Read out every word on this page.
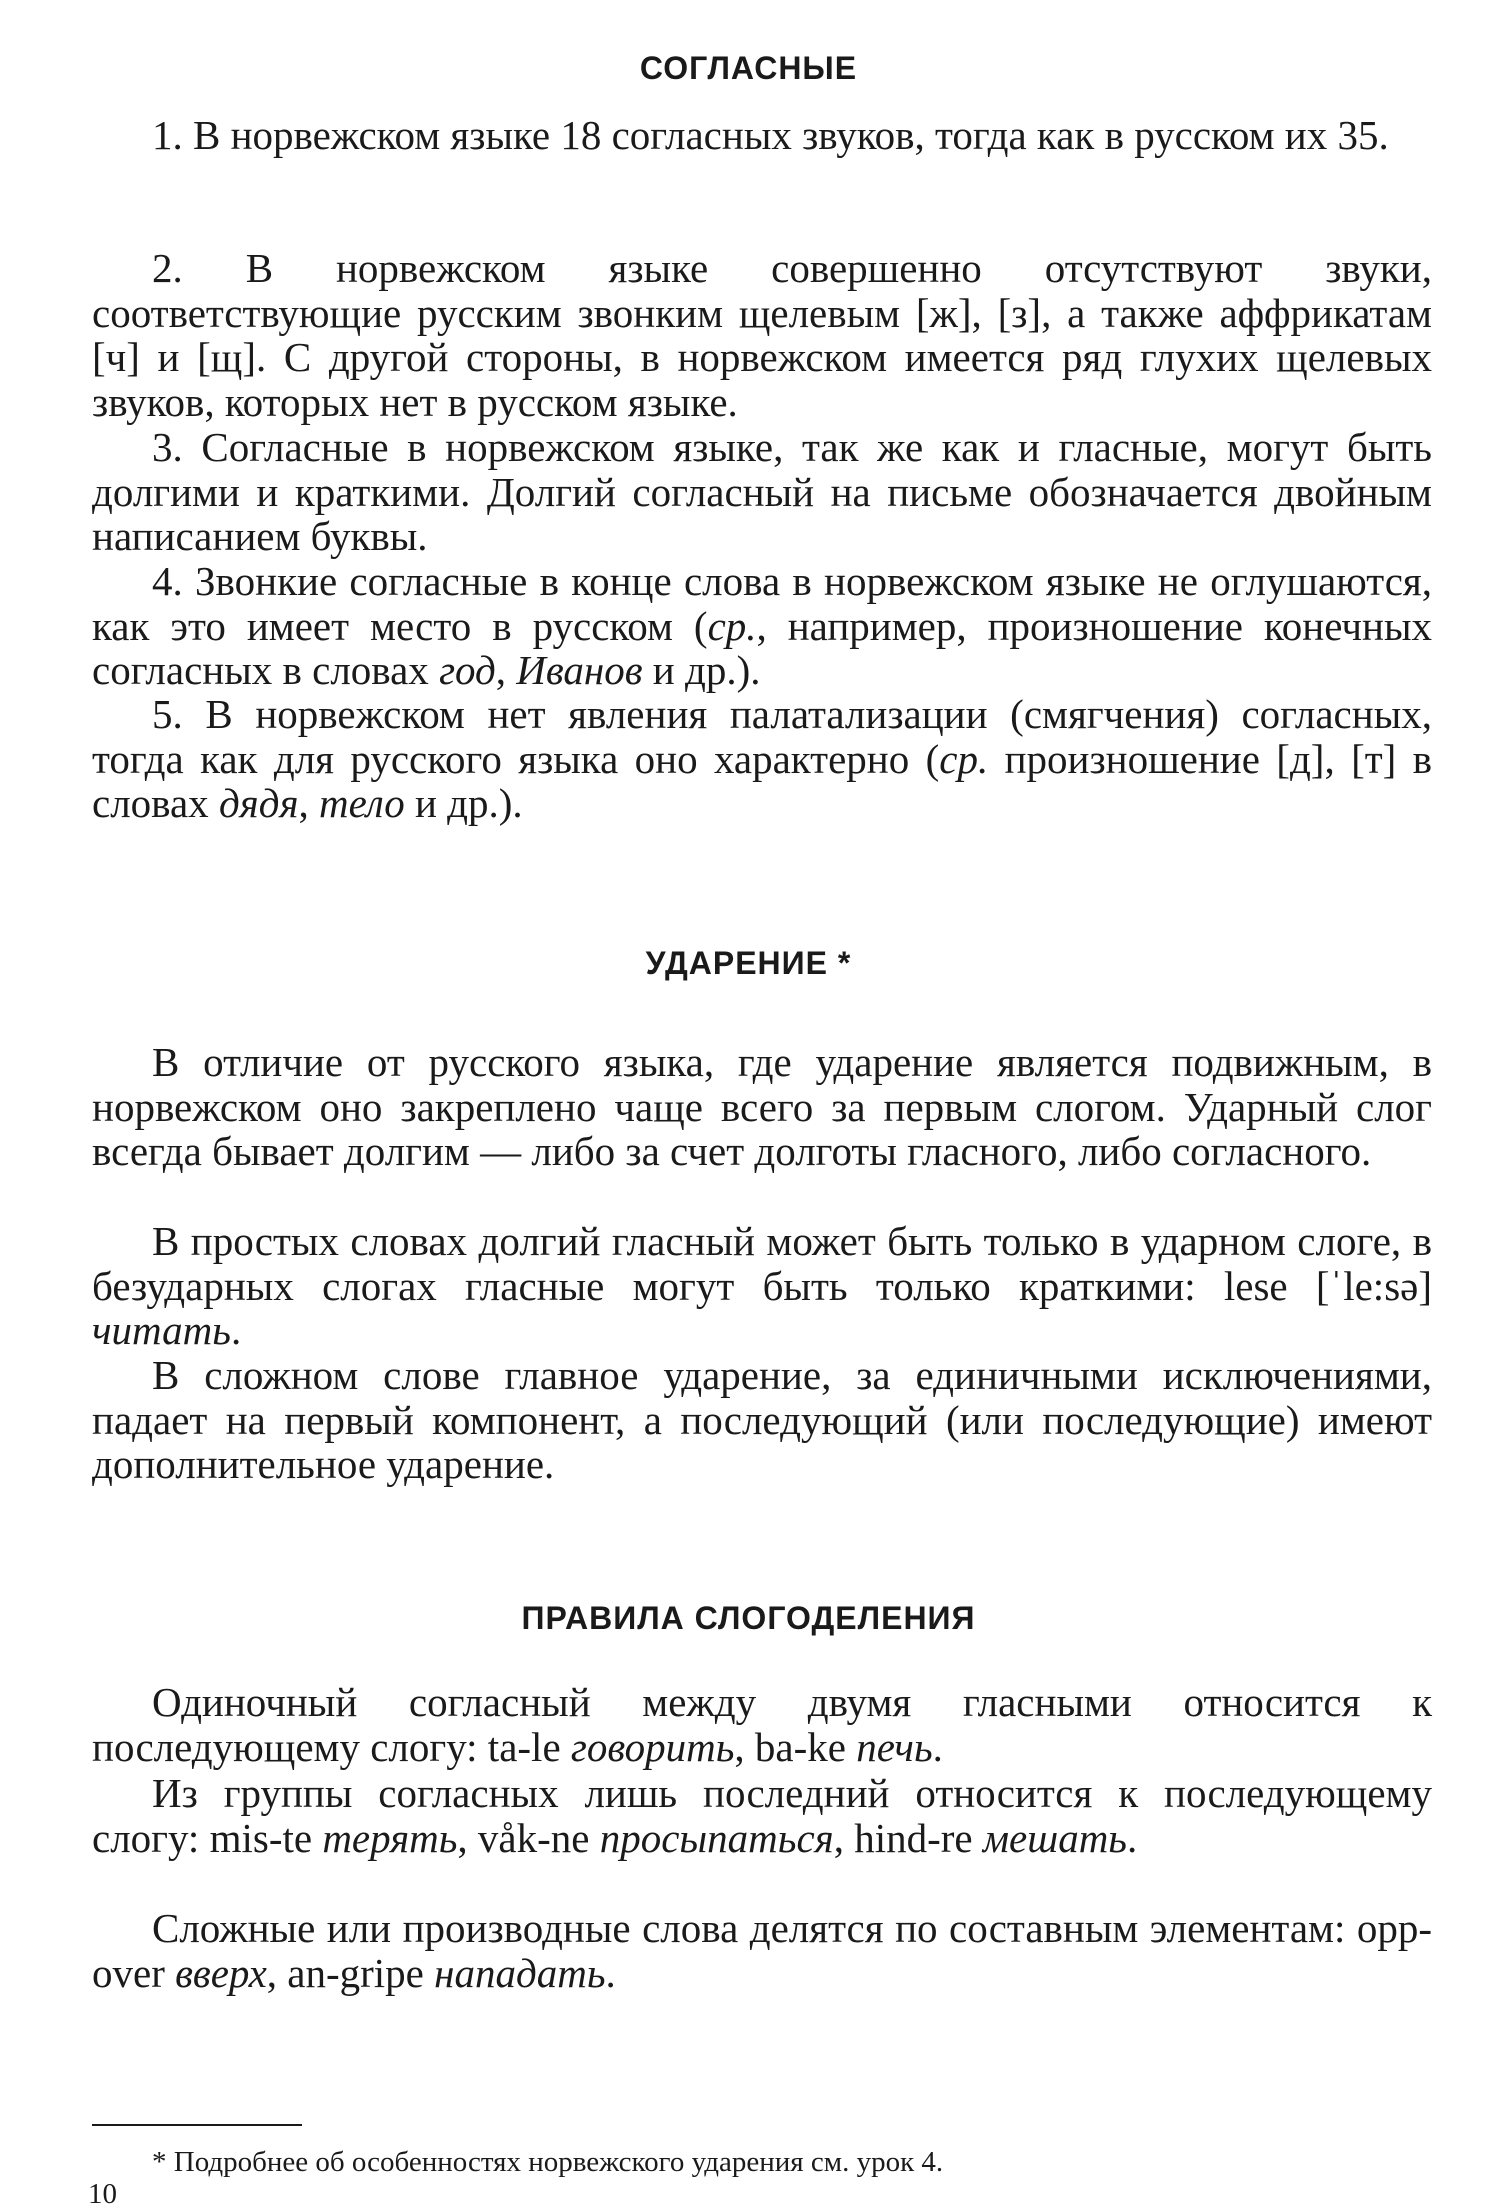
СОГЛАСНЫЕ

1. В норвежском языке 18 согласных звуков, тогда как в русском их 35.

2. В норвежском языке совершенно отсутствуют звуки, соответствующие русским звонким щелевым [ж], [з], а также аффрикатам [ч] и [щ]. С другой стороны, в норвежском имеется ряд глухих щелевых звуков, которых нет в русском языке.

3. Согласные в норвежском языке, так же как и гласные, могут быть долгими и краткими. Долгий согласный на письме обозначается двойным написанием буквы.

4. Звонкие согласные в конце слова в норвежском языке не оглушаются, как это имеет место в русском (ср., например, произношение конечных согласных в словах год, Иванов и др.).

5. В норвежском нет явления палатализации (смягчения) согласных, тогда как для русского языка оно характерно (ср. произношение [д], [т] в словах дядя, тело и др.).

УДАРЕНИЕ *

В отличие от русского языка, где ударение является подвижным, в норвежском оно закреплено чаще всего за первым слогом. Ударный слог всегда бывает долгим — либо за счет долготы гласного, либо согласного.

В простых словах долгий гласный может быть только в ударном слоге, в безударных слогах гласные могут быть только краткими: lese [ˈle:sə] читать.

В сложном слове главное ударение, за единичными исключениями, падает на первый компонент, а последующий (или последующие) имеют дополнительное ударение.

ПРАВИЛА СЛОГОДЕЛЕНИЯ

Одиночный согласный между двумя гласными относится к последующему слогу: ta-le говорить, ba-ke печь.

Из группы согласных лишь последний относится к последующему слогу: mis-te терять, våk-ne просыпаться, hind-re мешать.

Сложные или производные слова делятся по составным элементам: opp-over вверх, an-gripe нападать.

* Подробнее об особенностях норвежского ударения см. урок 4.
10
